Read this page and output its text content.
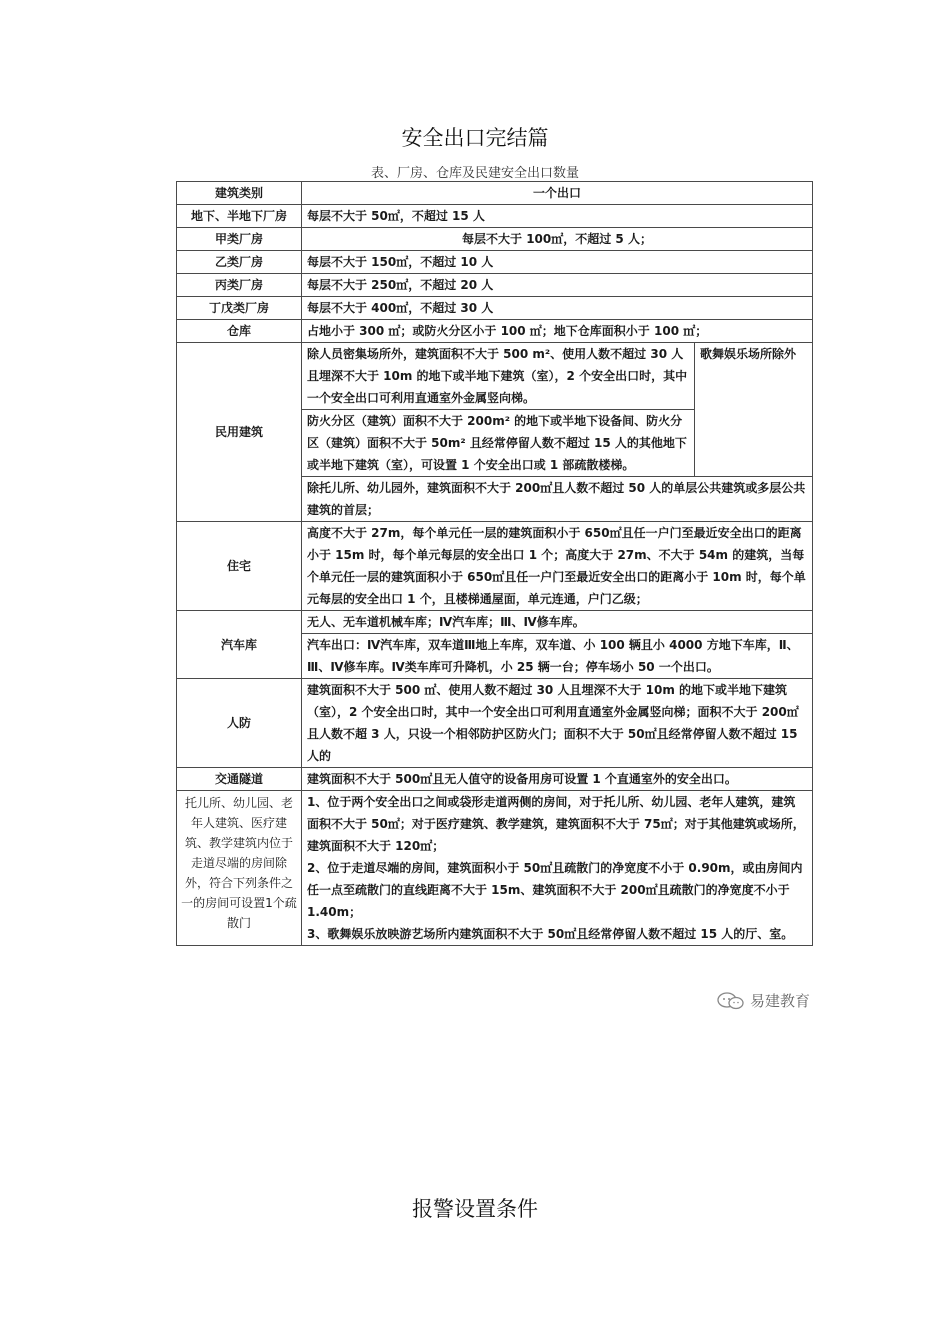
安全出口完结篇
表、厂房、仓库及民建安全出口数量
建筑类别	一个出口	
地下、半地下厂房	每层不大于 50㎡，不超过 15 人	
甲类厂房	每层不大于 100㎡，不超过 5 人；	
乙类厂房	每层不大于 150㎡，不超过 10 人	
丙类厂房	每层不大于 250㎡，不超过 20 人	
丁戊类厂房	每层不大于 400㎡，不超过 30 人	
仓库	占地小于 300 ㎡；或防火分区小于 100 ㎡；地下仓库面积小于 100 ㎡；	
民用建筑	除人员密集场所外，建筑面积不大于 500 m²、使用人数不超过 30 人且埋深不大于 10m 的地下或半地下建筑（室），2 个安全出口时，其中一个安全出口可利用直通室外金属竖向梯。	歌舞娱乐场所除外
	防火分区（建筑）面积不大于 200m² 的地下或半地下设备间、防火分区（建筑）面积不大于 50m² 且经常停留人数不超过 15 人的其他地下或半地下建筑（室），可设置 1 个安全出口或 1 部疏散楼梯。	
	除托儿所、幼儿园外，建筑面积不大于 200㎡且人数不超过 50 人的单层公共建筑或多层公共建筑的首层；	
住宅	高度不大于 27m，每个单元任一层的建筑面积小于 650㎡且任一户门至最近安全出口的距离小于 15m 时，每个单元每层的安全出口 1 个；高度大于 27m、不大于 54m 的建筑，当每个单元任一层的建筑面积小于 650㎡且任一户门至最近安全出口的距离小于 10m 时，每个单元每层的安全出口 1 个，且楼梯通屋面，单元连通，户门乙级；	
汽车库	无人、无车道机械车库；Ⅳ汽车库；Ⅲ、Ⅳ修车库。	
	汽车出口：Ⅳ汽车库，双车道Ⅲ地上车库，双车道、小 100 辆且小 4000 方地下车库，Ⅱ、Ⅲ、Ⅳ修车库。Ⅳ类车库可升降机，小 25 辆一台；停车场小 50 一个出口。	
人防	建筑面积不大于 500 ㎡、使用人数不超过 30 人且埋深不大于 10m 的地下或半地下建筑（室），2 个安全出口时，其中一个安全出口可利用直通室外金属竖向梯；面积不大于 200㎡且人数不超 3 人，只设一个相邻防护区防火门；面积不大于 50㎡且经常停留人数不超过 15 人的	
交通隧道	建筑面积不大于 500㎡且无人值守的设备用房可设置 1 个直通室外的安全出口。	
托儿所、幼儿园、老年人建筑、医疗建筑、教学建筑内位于走道尽端的房间除外，符合下列条件之一的房间可设置1个疏散门	1、位于两个安全出口之间或袋形走道两侧的房间，对于托儿所、幼儿园、老年人建筑，建筑面积不大于 50㎡；对于医疗建筑、教学建筑，建筑面积不大于 75㎡；对于其他建筑或场所，建筑面积不大于 120㎡；
2、位于走道尽端的房间，建筑面积小于 50㎡且疏散门的净宽度不小于 0.90m，或由房间内任一点至疏散门的直线距离不大于 15m、建筑面积不大于 200㎡且疏散门的净宽度不小于 1.40m；
3、歌舞娱乐放映游艺场所内建筑面积不大于 50㎡且经常停留人数不超过 15 人的厅、室。	
易建教育
报警设置条件
